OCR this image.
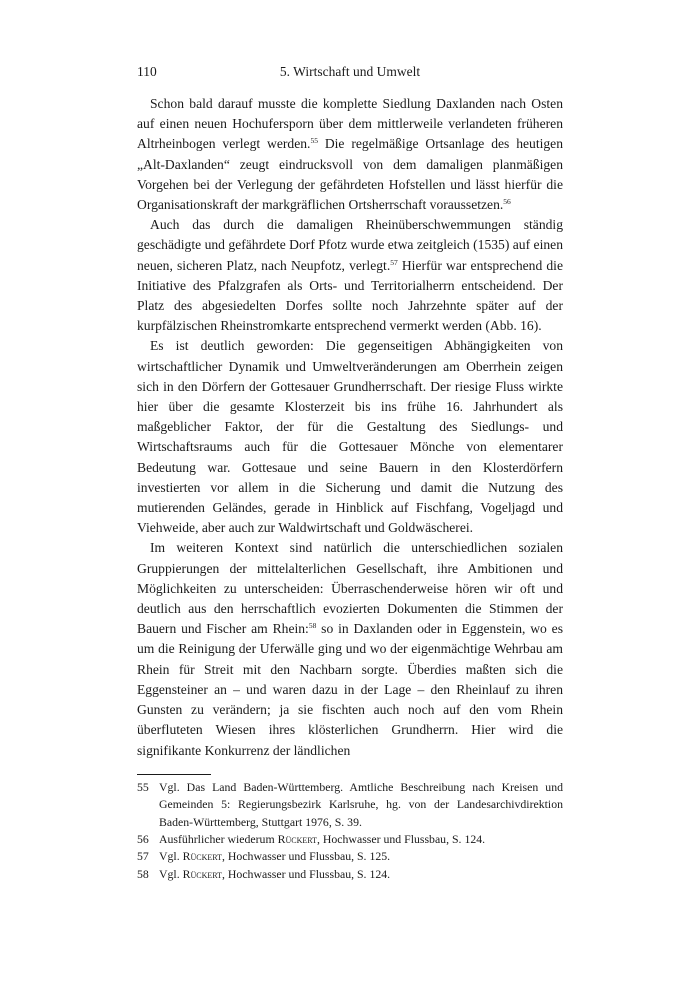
110	5. Wirtschaft und Umwelt

Schon bald darauf musste die komplette Siedlung Daxlanden nach Osten auf einen neuen Hochufersporn über dem mittlerweile verlandeten früheren Altrheinbogen verlegt werden.$^{55}$ Die regelmäßige Ortsanlage des heutigen „Alt-Daxlanden“ zeugt eindrucksvoll von dem damaligen planmäßigen Vorgehen bei der Verlegung der gefährdeten Hofstellen und lässt hierfür die Organisationskraft der markgräflichen Ortsherrschaft voraussetzen.$^{56}$

Auch das durch die damaligen Rheinüberschwemmungen ständig geschädigte und gefährdete Dorf Pfotz wurde etwa zeitgleich (1535) auf einen neuen, sicheren Platz, nach Neupfotz, verlegt.$^{57}$ Hierfür war entsprechend die Initiative des Pfalzgrafen als Orts- und Territorialherrn entscheidend. Der Platz des abgesiedelten Dorfes sollte noch Jahrzehnte später auf der kurpfälzischen Rheinstromkarte entsprechend vermerkt werden (Abb. 16).

Es ist deutlich geworden: Die gegenseitigen Abhängigkeiten von wirtschaftlicher Dynamik und Umweltveränderungen am Oberrhein zeigen sich in den Dörfern der Gottesauer Grundherrschaft. Der riesige Fluss wirkte hier über die gesamte Klosterzeit bis ins frühe 16. Jahrhundert als maßgeblicher Faktor, der für die Gestaltung des Siedlungs- und Wirtschaftsraums auch für die Gottesauer Mönche von elementarer Bedeutung war. Gottesaue und seine Bauern in den Klosterdörfern investierten vor allem in die Sicherung und damit die Nutzung des mutierenden Geländes, gerade in Hinblick auf Fischfang, Vogeljagd und Viehweide, aber auch zur Waldwirtschaft und Goldwäscherei.

Im weiteren Kontext sind natürlich die unterschiedlichen sozialen Gruppierungen der mittelalterlichen Gesellschaft, ihre Ambitionen und Möglichkeiten zu unterscheiden: Überraschenderweise hören wir oft und deutlich aus den herrschaftlich evozierten Dokumenten die Stimmen der Bauern und Fischer am Rhein:$^{58}$ so in Daxlanden oder in Eggenstein, wo es um die Reinigung der Uferwälle ging und wo der eigenmächtige Wehrbau am Rhein für Streit mit den Nachbarn sorgte. Überdies maßten sich die Eggensteiner an – und waren dazu in der Lage – den Rheinlauf zu ihren Gunsten zu verändern; ja sie fischten auch noch auf den vom Rhein überfluteten Wiesen ihres klösterlichen Grundherrn. Hier wird die signifikante Konkurrenz der ländlichen

55 Vgl. Das Land Baden-Württemberg. Amtliche Beschreibung nach Kreisen und Gemeinden 5: Regierungsbezirk Karlsruhe, hg. von der Landesarchivdirektion Baden-Württemberg, Stuttgart 1976, S. 39.
56 Ausführlicher wiederum Rückert, Hochwasser und Flussbau, S. 124.
57 Vgl. Rückert, Hochwasser und Flussbau, S. 125.
58 Vgl. Rückert, Hochwasser und Flussbau, S. 124.
